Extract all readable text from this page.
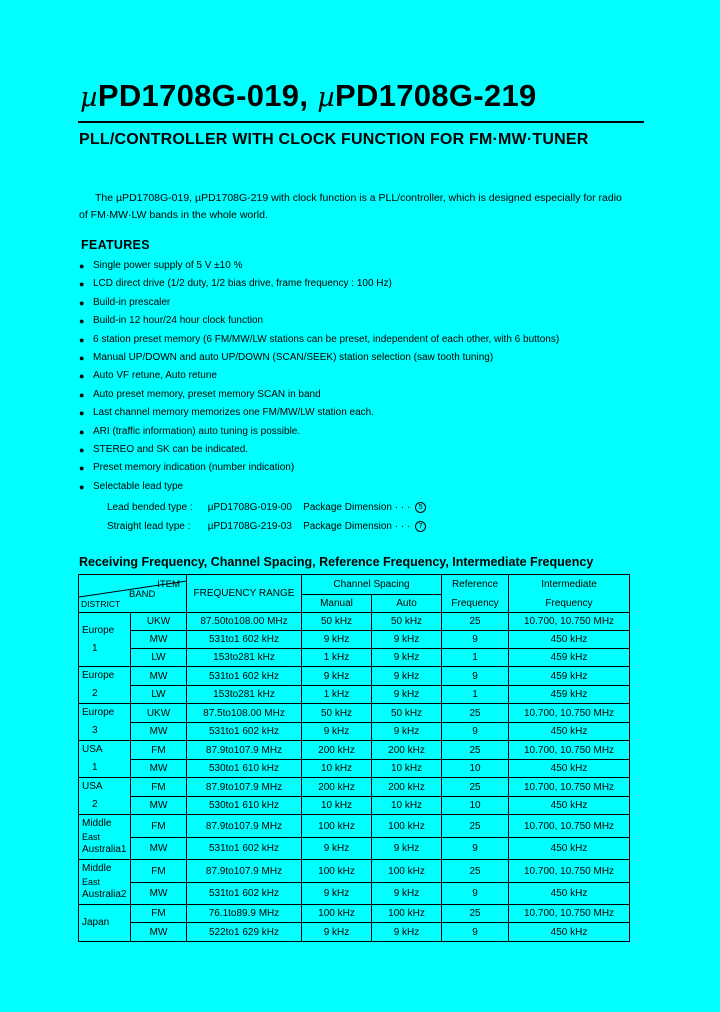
µPD1708G-019, µPD1708G-219
PLL/CONTROLLER WITH CLOCK FUNCTION FOR FM·MW·TUNER
The µPD1708G-019, µPD1708G-219 with clock function is a PLL/controller, which is designed especially for radio of FM·MW·LW bands in the whole world.
FEATURES
● Single power supply of 5 V ±10 %
● LCD direct drive (1/2 duty, 1/2 bias drive, frame frequency : 100 Hz)
● Build-in prescaler
● Build-in 12 hour/24 hour clock function
● 6 station preset memory (6 FM/MW/LW stations can be preset, independent of each other, with 6 buttons)
● Manual UP/DOWN and auto UP/DOWN (SCAN/SEEK) station selection (saw tooth tuning)
● Auto VF retune, Auto retune
● Auto preset memory, preset memory SCAN in band
● Last channel memory memorizes one FM/MW/LW station each.
● ARI (traffic information) auto tuning is possible.
● STEREO and SK can be indicated.
● Preset memory indication (number indication)
● Selectable lead type
Lead bended type : µPD1708G-019-00 Package Dimension · · · 5
Straight lead type : µPD1708G-219-03 Package Dimension · · · 7
Receiving Frequency, Channel Spacing, Reference Frequency, Intermediate Frequency
ITEM
BAND
DISTRICT		FREQUENCY RANGE	Channel Spacing		Reference	Intermediate
			Manual	Auto	Frequency	Frequency

Europe
1	UKW	87.50to108.00 MHz	50 kHz	50 kHz	25	10.700, 10.750 MHz
	MW	531to1 602 kHz	9 kHz	9 kHz	9	450 kHz
	LW	153to281 kHz	1 kHz	9 kHz	1	459 kHz

Europe
2	MW	531to1 602 kHz	9 kHz	9 kHz	9	459 kHz
	LW	153to281 kHz	1 kHz	9 kHz	1	459 kHz

Europe
3	UKW	87.5to108.00 MHz	50 kHz	50 kHz	25	10.700, 10.750 MHz
	MW	531to1 602 kHz	9 kHz	9 kHz	9	450 kHz

USA
1	FM	87.9to107.9 MHz	200 kHz	200 kHz	25	10.700, 10.750 MHz
	MW	530to1 610 kHz	10 kHz	10 kHz	10	450 kHz

USA
2	FM	87.9to107.9 MHz	200 kHz	200 kHz	25	10.700, 10.750 MHz
	MW	530to1 610 kHz	10 kHz	10 kHz	10	450 kHz

Middle
East
Australia1	FM	87.9to107.9 MHz	100 kHz	100 kHz	25	10.700, 10.750 MHz
	MW	531to1 602 kHz	9 kHz	9 kHz	9	450 kHz

Middle
East
Australia2	FM	87.9to107.9 MHz	100 kHz	100 kHz	25	10.700, 10.750 MHz
	MW	531to1 602 kHz	9 kHz	9 kHz	9	450 kHz

Japan	FM	76.1to89.9 MHz	100 kHz	100 kHz	25	10.700, 10.750 MHz
	MW	522to1 629 kHz	9 kHz	9 kHz	9	450 kHz
